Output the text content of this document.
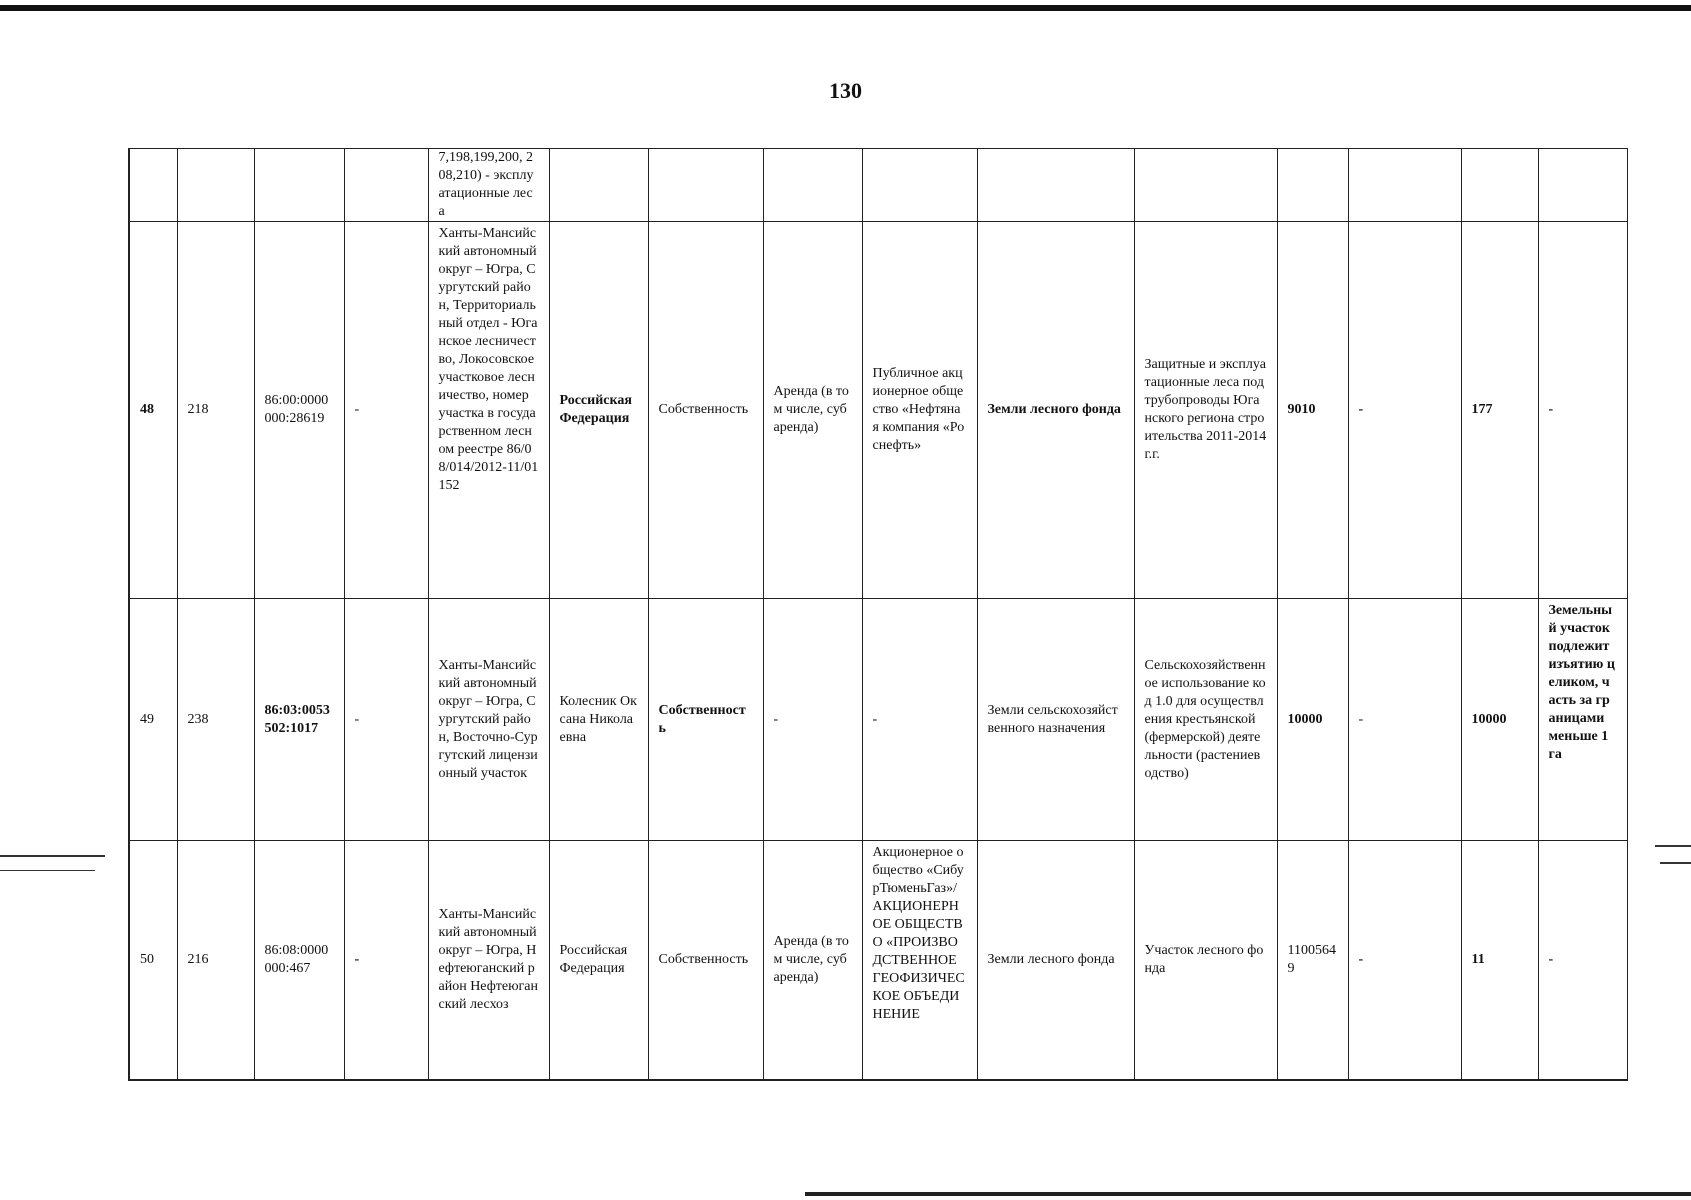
130
				7,198,199,200, 208,210) - эксплуатационные леса										
48	218	86:00:0000000:28619	-	Ханты-Мансийский автономный округ – Югра, Сургутский район, Территориальный отдел - Юганское лесничество, Локосовское участковое лесничество, номер участка в государственном лесном реестре 86/08/014/2012-11/01152	Российская Федерация	Собственность	Аренда (в том числе, субаренда)	Публичное акционерное общество «Нефтяная компания «Роснефть»	Земли лесного фонда	Защитные и эксплуатационные леса под трубопроводы Юганского региона строительства 2011-2014 г.г.	9010	-	177	-
49	238	86:03:0053502:1017	-	Ханты-Мансийский автономный округ – Югра, Сургутский район, Восточно-Сургутский лицензионный участок	Колесник Оксана Николаевна	Собственность	-	-	Земли сельскохозяйственного назначения	Сельскохозяйственное использование код 1.0 для осуществления крестьянской (фермерской) деятельности (растениеводство)	10000	-	10000	Земельный участок подлежит изъятию целиком, часть за границами меньше 1 га
50	216	86:08:0000000:467	-	Ханты-Мансийский автономный округ – Югра, Нефтеюганский район Нефтеюганский лесхоз	Российская Федерация	Собственность	Аренда (в том числе, субаренда)	Акционерное общество «СибурТюменьГаз»/АКЦИОНЕРНОЕ ОБЩЕСТВО «ПРОИЗВОДСТВЕННОЕ ГЕОФИЗИЧЕСКОЕ ОБЪЕДИНЕНИЕ	Земли лесного фонда	Участок лесного фонда	11005649	-	11	-
